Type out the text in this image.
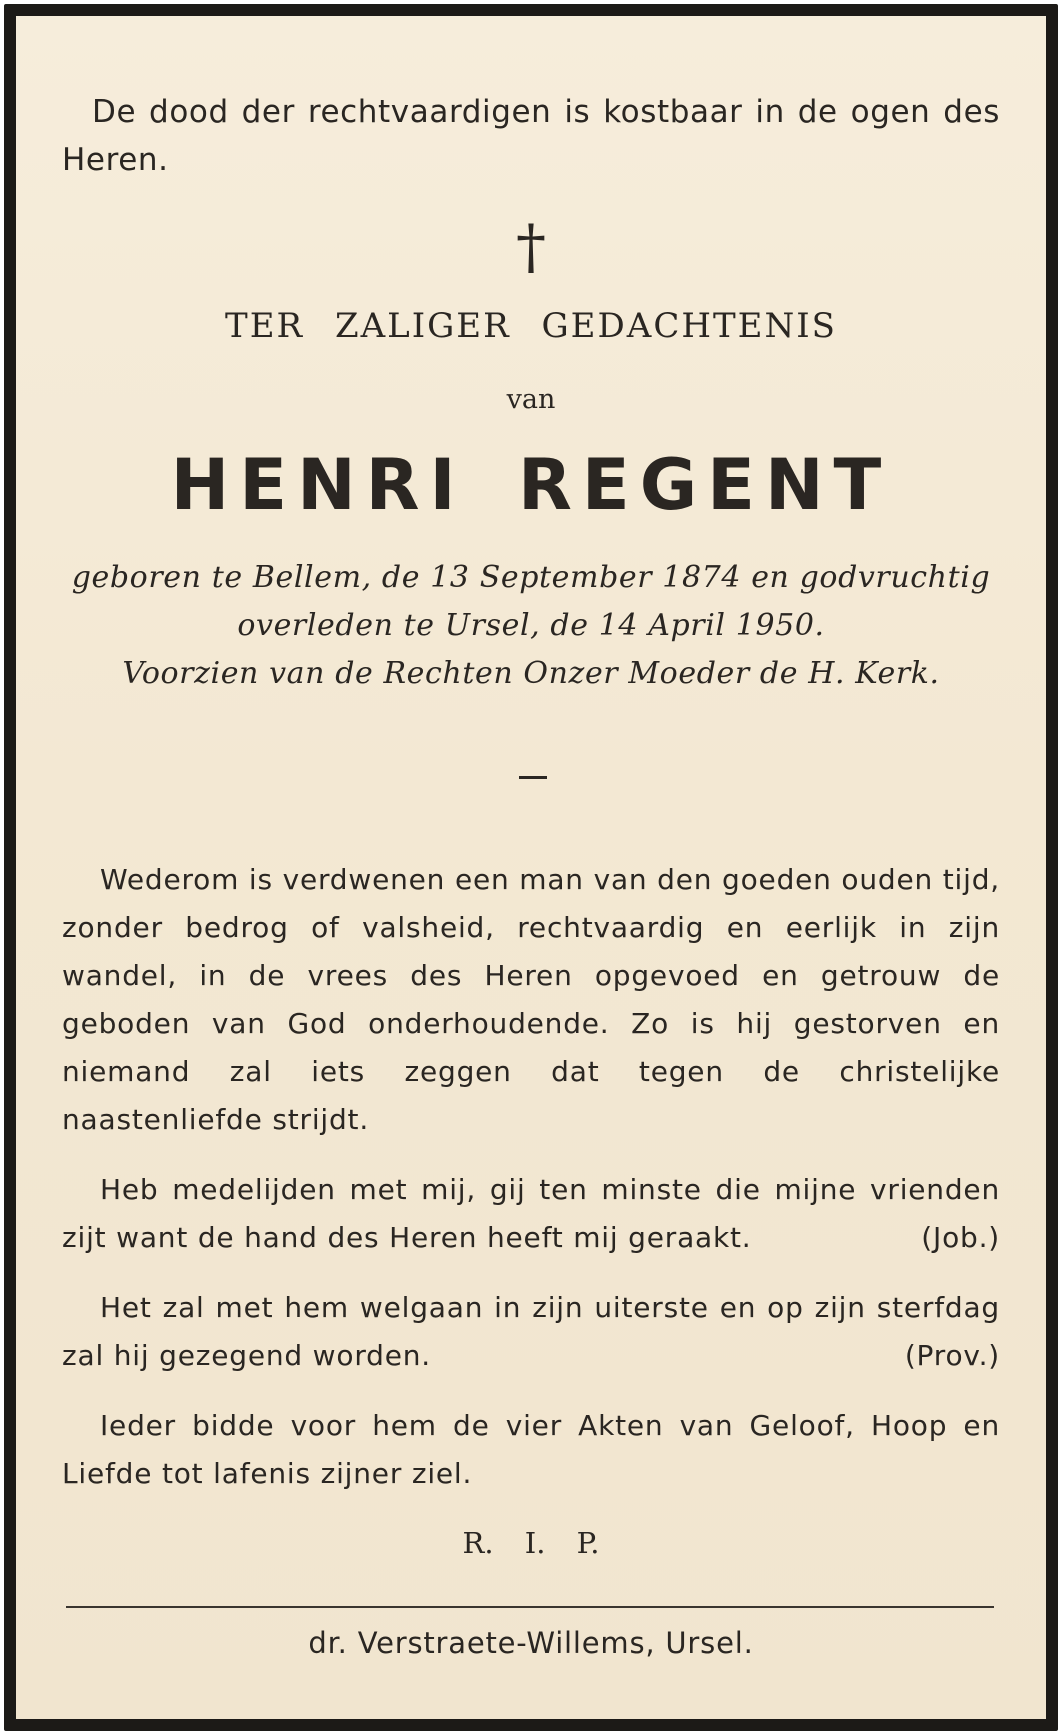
De dood der rechtvaardigen is kostbaar in de ogen des Heren.
†
TER ZALIGER GEDACHTENIS
van
HENRI REGENT
geboren te Bellem, de 13 September 1874 en godvruchtig
overleden te Ursel, de 14 April 1950.
Voorzien van de Rechten Onzer Moeder de H. Kerk.
Wederom is verdwenen een man van den goeden ouden tijd, zonder bedrog of valsheid, rechtvaardig en eerlijk in zijn wandel, in de vrees des Heren opgevoed en getrouw de geboden van God onderhoudende. Zo is hij gestorven en niemand zal iets zeggen dat tegen de christelijke naastenliefde strijdt.
Heb medelijden met mij, gij ten minste die mijne vrienden zijt want de hand des Heren heeft mij geraakt.	(Job.)
Het zal met hem welgaan in zijn uiterste en op zijn sterfdag zal hij gezegend worden.	(Prov.)
Ieder bidde voor hem de vier Akten van Geloof, Hoop en Liefde tot lafenis zijner ziel.
R. I. P.
dr. Verstraete-Willems, Ursel.
